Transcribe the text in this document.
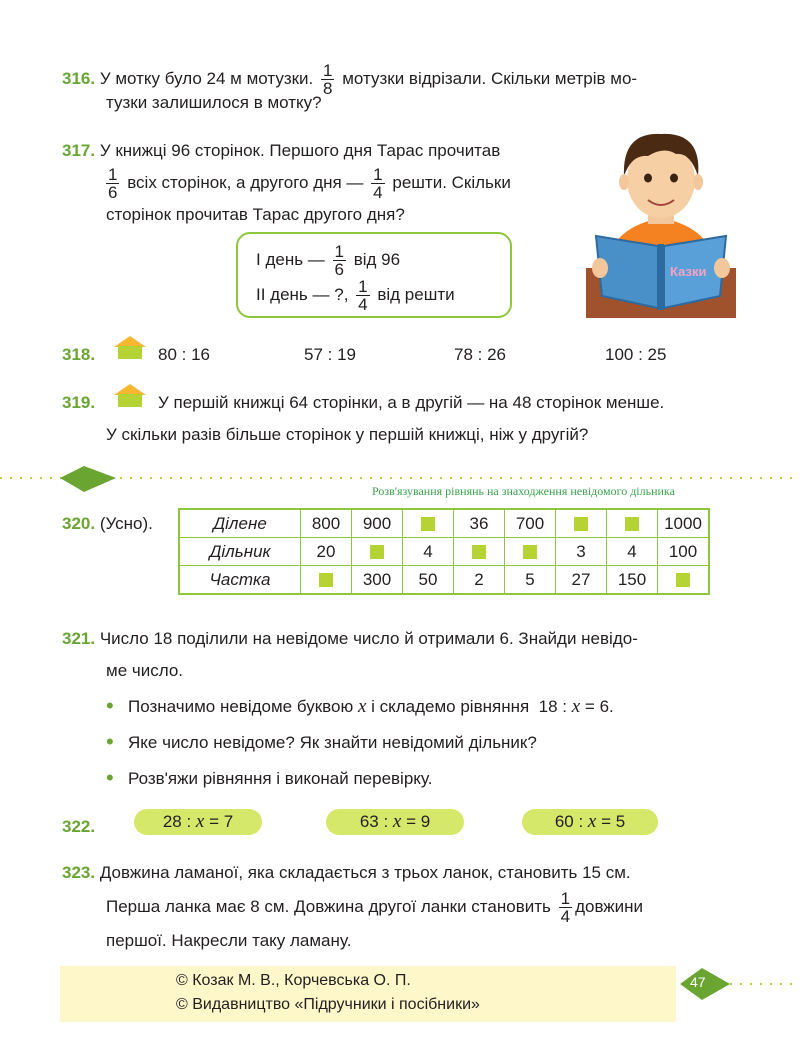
316. У мотку було 24 м мотузки. $\frac{1}{8}$ мотузки відрізали. Скільки метрів мо-
тузки залишилося в мотку?
317. У книжці 96 сторінок. Першого дня Тарас прочитав
$\frac{1}{6}$ всіх сторінок, а другого дня — $\frac{1}{4}$ решти. Скільки
сторінок прочитав Тарас другого дня?
І день — $\frac{1}{6}$ від 96
ІІ день — ?, $\frac{1}{4}$ від решти
Казки
318.	80 : 16	57 : 19	78 : 26	100 : 25
319.	У першій книжці 64 сторінки, а в другій — на 48 сторінок менше.
У скільки разів більше сторінок у першій книжці, ніж у другій?
Розв'язування рівнянь на знаходження невідомого дільника
320. (Усно).	Ділене	800	900		36	700			1000
Дільник	20		4			3	4	100
Частка		300	50	2	5	27	150	
321. Число 18 поділили на невідоме число й отримали 6. Знайди невідо-
ме число.
• Позначимо невідоме буквою x і складемо рівняння 18 : x = 6.
• Яке число невідоме? Як знайти невідомий дільник?
• Розв'яжи рівняння і виконай перевірку.
322.	28 : x = 7	63 : x = 9	60 : x = 5
323. Довжина ламаної, яка складається з трьох ланок, становить 15 см.
Перша ланка має 8 см. Довжина другої ланки становить $\frac{1}{4}$ довжини
першої. Накресли таку ламану.
© Козак М. В., Корчевська О. П.
© Видавництво «Підручники і посібники»
47
